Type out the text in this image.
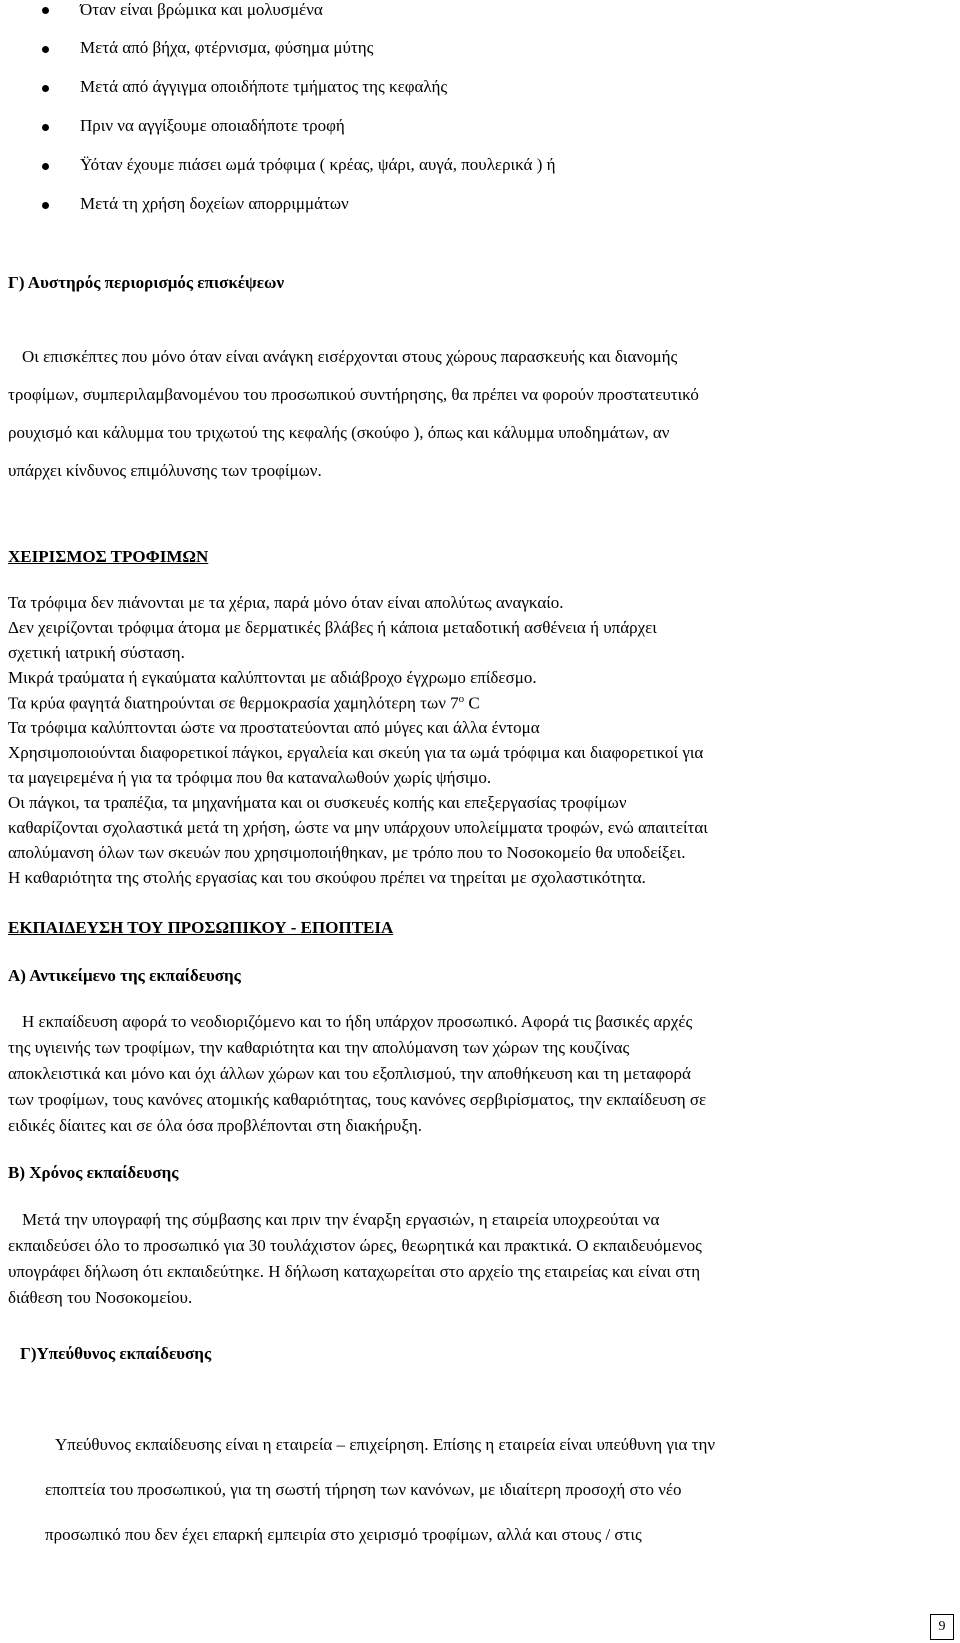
Όταν είναι βρώμικα και μολυσμένα
Μετά από βήχα, φτέρνισμα, φύσημα μύτης
Μετά από άγγιγμα οποιδήποτε τμήματος της κεφαλής
Πριν να αγγίξουμε οποιαδήποτε τροφή
Ϋόταν έχουμε πιάσει ωμά τρόφιμα ( κρέας, ψάρι, αυγά, πουλερικά ) ή
Μετά τη χρήση δοχείων απορριμμάτων
Γ) Αυστηρός περιορισμός επισκέψεων
Οι επισκέπτες που μόνο όταν είναι ανάγκη εισέρχονται στους χώρους παρασκευής και διανομής
τροφίμων, συμπεριλαμβανομένου του προσωπικού συντήρησης, θα πρέπει να φορούν προστατευτικό
ρουχισμό και κάλυμμα του τριχωτού της κεφαλής (σκούφο ), όπως και κάλυμμα υποδημάτων, αν
υπάρχει κίνδυνος επιμόλυνσης των τροφίμων.
ΧΕΙΡΙΣΜΟΣ ΤΡΟΦΙΜΩΝ
Τα τρόφιμα δεν πιάνονται με τα χέρια, παρά μόνο όταν είναι απολύτως αναγκαίο.
Δεν χειρίζονται τρόφιμα άτομα με δερματικές βλάβες ή κάποια μεταδοτική ασθένεια ή υπάρχει
σχετική ιατρική σύσταση.
Μικρά τραύματα ή εγκαύματα καλύπτονται με αδιάβροχο έγχρωμο επίδεσμο.
Τα κρύα φαγητά διατηρούνται σε θερμοκρασία χαμηλότερη των $7^o$ C
Τα τρόφιμα καλύπτονται ώστε να προστατεύονται από μύγες και άλλα έντομα
Χρησιμοποιούνται διαφορετικοί πάγκοι, εργαλεία και σκεύη για τα ωμά τρόφιμα και διαφορετικοί για
τα μαγειρεμένα ή για τα τρόφιμα που θα καταναλωθούν χωρίς ψήσιμο.
Οι πάγκοι, τα τραπέζια, τα μηχανήματα και οι συσκευές κοπής και επεξεργασίας τροφίμων
καθαρίζονται σχολαστικά μετά τη χρήση, ώστε να μην υπάρχουν υπολείμματα τροφών, ενώ απαιτείται
απολύμανση όλων των σκευών που χρησιμοποιήθηκαν, με τρόπο που το Νοσοκομείο θα υποδείξει.
Η καθαριότητα της στολής εργασίας και του σκούφου πρέπει να τηρείται με σχολαστικότητα.
ΕΚΠΑΙΔΕΥΣΗ ΤΟΥ ΠΡΟΣΩΠΙΚΟΥ - ΕΠΟΠΤΕΙΑ
Α) Αντικείμενο της εκπαίδευσης
Η εκπαίδευση αφορά το νεοδιοριζόμενο και το ήδη υπάρχον προσωπικό. Αφορά τις βασικές αρχές
της υγιεινής των τροφίμων, την καθαριότητα και την απολύμανση των χώρων της κουζίνας
αποκλειστικά και μόνο και όχι άλλων χώρων και του εξοπλισμού, την αποθήκευση και τη μεταφορά
των τροφίμων, τους κανόνες ατομικής καθαριότητας, τους κανόνες σερβιρίσματος, την εκπαίδευση σε
ειδικές δίαιτες και σε όλα όσα προβλέπονται στη διακήρυξη.
Β) Χρόνος εκπαίδευσης
Μετά την υπογραφή της σύμβασης και πριν την έναρξη εργασιών, η εταιρεία υποχρεούται να
εκπαιδεύσει όλο το προσωπικό για 30 τουλάχιστον ώρες, θεωρητικά και πρακτικά. Ο εκπαιδευόμενος
υπογράφει δήλωση ότι εκπαιδεύτηκε. Η δήλωση καταχωρείται στο αρχείο της εταιρείας και είναι στη
διάθεση του Νοσοκομείου.
Γ)Υπεύθυνος εκπαίδευσης
Υπεύθυνος εκπαίδευσης είναι η εταιρεία – επιχείρηση. Επίσης η εταιρεία είναι υπεύθυνη για την
εποπτεία του προσωπικού, για τη σωστή τήρηση των κανόνων, με ιδιαίτερη προσοχή στο νέο
προσωπικό που δεν έχει επαρκή εμπειρία στο χειρισμό τροφίμων, αλλά και στους / στις
9
